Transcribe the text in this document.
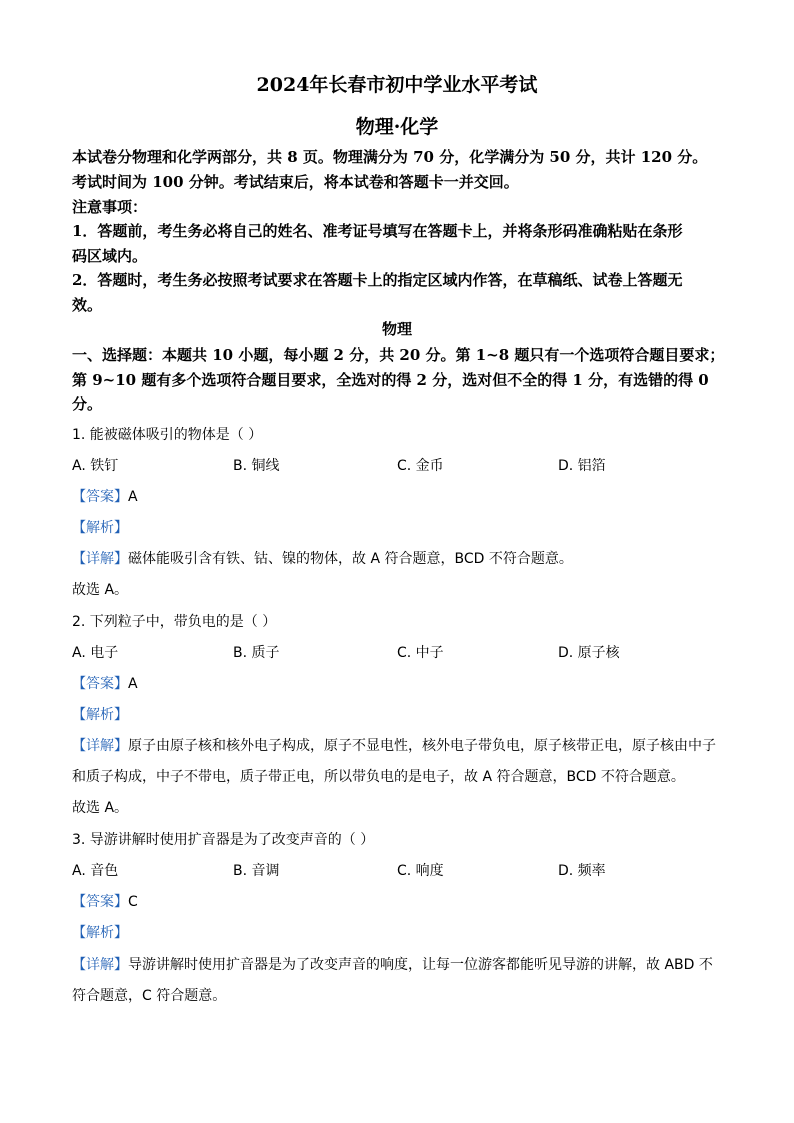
2024年长春市初中学业水平考试
物理·化学
本试卷分物理和化学两部分，共 8 页。物理满分为 70 分，化学满分为 50 分，共计 120 分。
考试时间为 100 分钟。考试结束后，将本试卷和答题卡一并交回。
注意事项：
1．答题前，考生务必将自己的姓名、准考证号填写在答题卡上，并将条形码准确粘贴在条形
码区域内。
2．答题时，考生务必按照考试要求在答题卡上的指定区域内作答，在草稿纸、试卷上答题无
效。
物理
一、选择题：本题共 10 小题，每小题 2 分，共 20 分。第 1~8 题只有一个选项符合题目要求；
第 9~10 题有多个选项符合题目要求，全选对的得 2 分，选对但不全的得 1 分，有选错的得 0
分。
1. 能被磁体吸引的物体是（ ）
A. 铁钉	B. 铜线	C. 金币	D. 铝箔
【答案】A
【解析】
【详解】磁体能吸引含有铁、钴、镍的物体，故 A 符合题意，BCD 不符合题意。
故选 A。
2. 下列粒子中，带负电的是（ ）
A. 电子	B. 质子	C. 中子	D. 原子核
【答案】A
【解析】
【详解】原子由原子核和核外电子构成，原子不显电性，核外电子带负电，原子核带正电，原子核由中子
和质子构成，中子不带电，质子带正电，所以带负电的是电子，故 A 符合题意，BCD 不符合题意。
故选 A。
3. 导游讲解时使用扩音器是为了改变声音的（ ）
A. 音色	B. 音调	C. 响度	D. 频率
【答案】C
【解析】
【详解】导游讲解时使用扩音器是为了改变声音的响度，让每一位游客都能听见导游的讲解，故 ABD 不
符合题意，C 符合题意。
